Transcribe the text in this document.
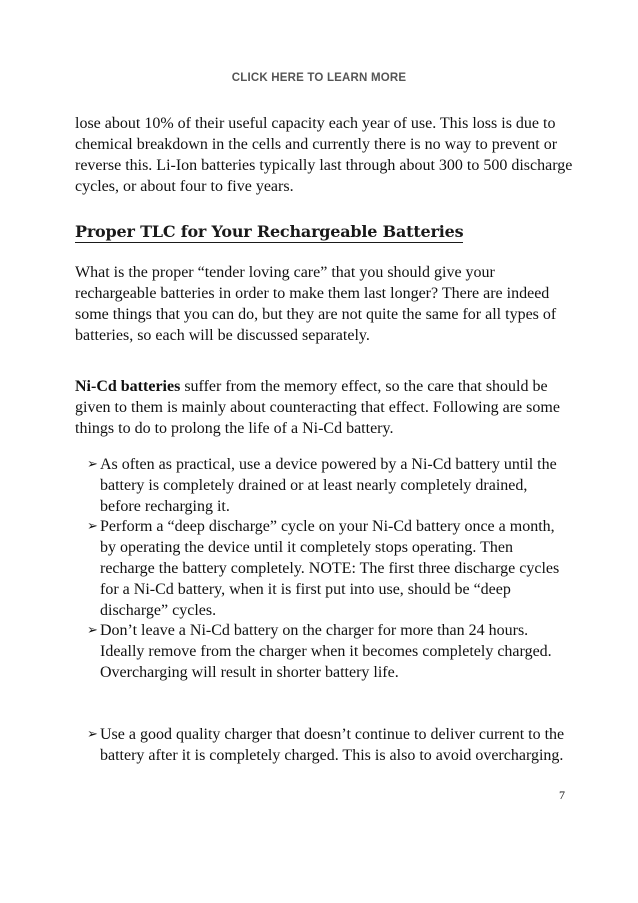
CLICK HERE TO LEARN MORE

lose about 10% of their useful capacity each year of use. This loss is due to chemical breakdown in the cells and currently there is no way to prevent or reverse this. Li-Ion batteries typically last through about 300 to 500 discharge cycles, or about four to five years.

Proper TLC for Your Rechargeable Batteries

What is the proper “tender loving care” that you should give your rechargeable batteries in order to make them last longer? There are indeed some things that you can do, but they are not quite the same for all types of batteries, so each will be discussed separately.

Ni-Cd batteries suffer from the memory effect, so the care that should be given to them is mainly about counteracting that effect. Following are some things to do to prolong the life of a Ni-Cd battery.

➢ As often as practical, use a device powered by a Ni-Cd battery until the battery is completely drained or at least nearly completely drained, before recharging it.

➢ Perform a “deep discharge” cycle on your Ni-Cd battery once a month, by operating the device until it completely stops operating. Then recharge the battery completely. NOTE: The first three discharge cycles for a Ni-Cd battery, when it is first put into use, should be “deep discharge” cycles.

➢ Don’t leave a Ni-Cd battery on the charger for more than 24 hours. Ideally remove from the charger when it becomes completely charged. Overcharging will result in shorter battery life.

➢ Use a good quality charger that doesn’t continue to deliver current to the battery after it is completely charged. This is also to avoid overcharging.

7
